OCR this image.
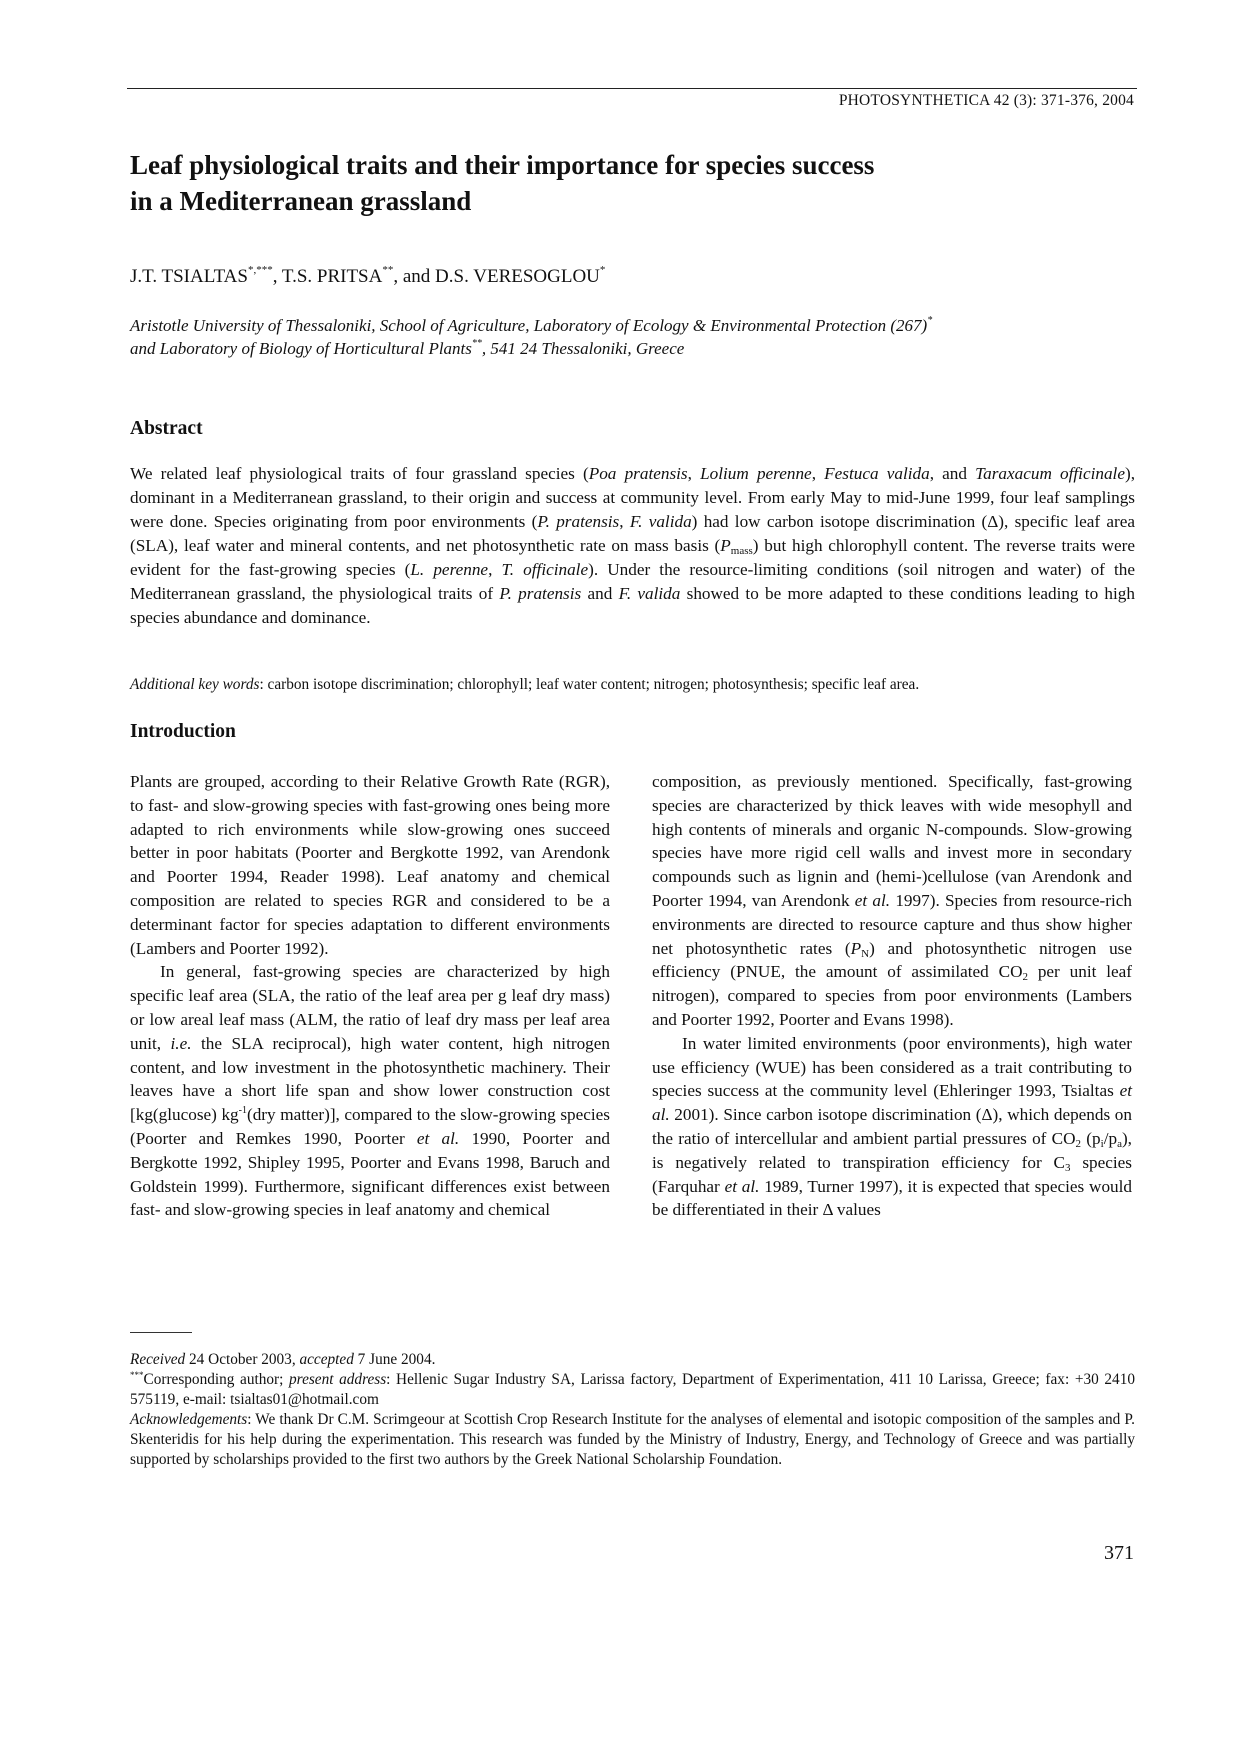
PHOTOSYNTHETICA 42 (3): 371-376, 2004
Leaf physiological traits and their importance for species success
in a Mediterranean grassland
J.T. TSIALTAS*,***, T.S. PRITSA**, and D.S. VERESOGLOU*
Aristotle University of Thessaloniki, School of Agriculture, Laboratory of Ecology & Environmental Protection (267)*
and Laboratory of Biology of Horticultural Plants**, 541 24 Thessaloniki, Greece
Abstract

We related leaf physiological traits of four grassland species (Poa pratensis, Lolium perenne, Festuca valida, and Taraxacum officinale), dominant in a Mediterranean grassland, to their origin and success at community level. From early May to mid-June 1999, four leaf samplings were done. Species originating from poor environments (P. pratensis, F. valida) had low carbon isotope discrimination (Δ), specific leaf area (SLA), leaf water and mineral contents, and net photosynthetic rate on mass basis $(P_{mass})$ but high chlorophyll content. The reverse traits were evident for the fast-growing species (L. perenne, T. officinale). Under the resource-limiting conditions (soil nitrogen and water) of the Mediterranean grassland, the physiological traits of P. pratensis and F. valida showed to be more adapted to these conditions leading to high species abundance and dominance.

Additional key words: carbon isotope discrimination; chlorophyll; leaf water content; nitrogen; photosynthesis; specific leaf area.

Introduction

Plants are grouped, according to their Relative Growth Rate (RGR), to fast- and slow-growing species with fast-growing ones being more adapted to rich environments while slow-growing ones succeed better in poor habitats (Poorter and Bergkotte 1992, van Arendonk and Poorter 1994, Reader 1998). Leaf anatomy and chemical composition are related to species RGR and considered to be a determinant factor for species adaptation to different environments (Lambers and Poorter 1992).

In general, fast-growing species are characterized by high specific leaf area (SLA, the ratio of the leaf area per g leaf dry mass) or low areal leaf mass (ALM, the ratio of leaf dry mass per leaf area unit, i.e. the SLA reciprocal), high water content, high nitrogen content, and low investment in the photosynthetic machinery. Their leaves have a short life span and show lower construction cost [kg(glucose) $kg^{-1}(dry$ matter)], compared to the slow-growing species (Poorter and Remkes 1990, Poorter et al. 1990, Poorter and Bergkotte 1992, Shipley 1995, Poorter and Evans 1998, Baruch and Goldstein 1999). Furthermore, significant differences exist between fast- and slow-growing species in leaf anatomy and chemical

composition, as previously mentioned. Specifically, fast-growing species are characterized by thick leaves with wide mesophyll and high contents of minerals and organic N-compounds. Slow-growing species have more rigid cell walls and invest more in secondary compounds such as lignin and (hemi-)cellulose (van Arendonk and Poorter 1994, van Arendonk et al. 1997). Species from resource-rich environments are directed to resource capture and thus show higher net photosynthetic rates $(P_N)$ and photosynthetic nitrogen use efficiency (PNUE, the amount of assimilated $CO_2$ per unit leaf nitrogen), compared to species from poor environments (Lambers and Poorter 1992, Poorter and Evans 1998).

In water limited environments (poor environments), high water use efficiency (WUE) has been considered as a trait contributing to species success at the community level (Ehleringer 1993, Tsialtas et al. 2001). Since carbon isotope discrimination (Δ), which depends on the ratio of intercellular and ambient partial pressures of $CO_2$ $(p_i/p_a)$, is negatively related to transpiration efficiency for $C_3$ species (Farquhar et al. 1989, Turner 1997), it is expected that species would be differentiated in their Δ values

Received 24 October 2003, accepted 7 June 2004.

***Corresponding author; present address: Hellenic Sugar Industry SA, Larissa factory, Department of Experimentation, 411 10 Larissa, Greece; fax: +30 2410 575119, e-mail: tsialtas01@hotmail.com

Acknowledgements: We thank Dr C.M. Scrimgeour at Scottish Crop Research Institute for the analyses of elemental and isotopic composition of the samples and P. Skenteridis for his help during the experimentation. This research was funded by the Ministry of Industry, Energy, and Technology of Greece and was partially supported by scholarships provided to the first two authors by the Greek National Scholarship Foundation.

371
